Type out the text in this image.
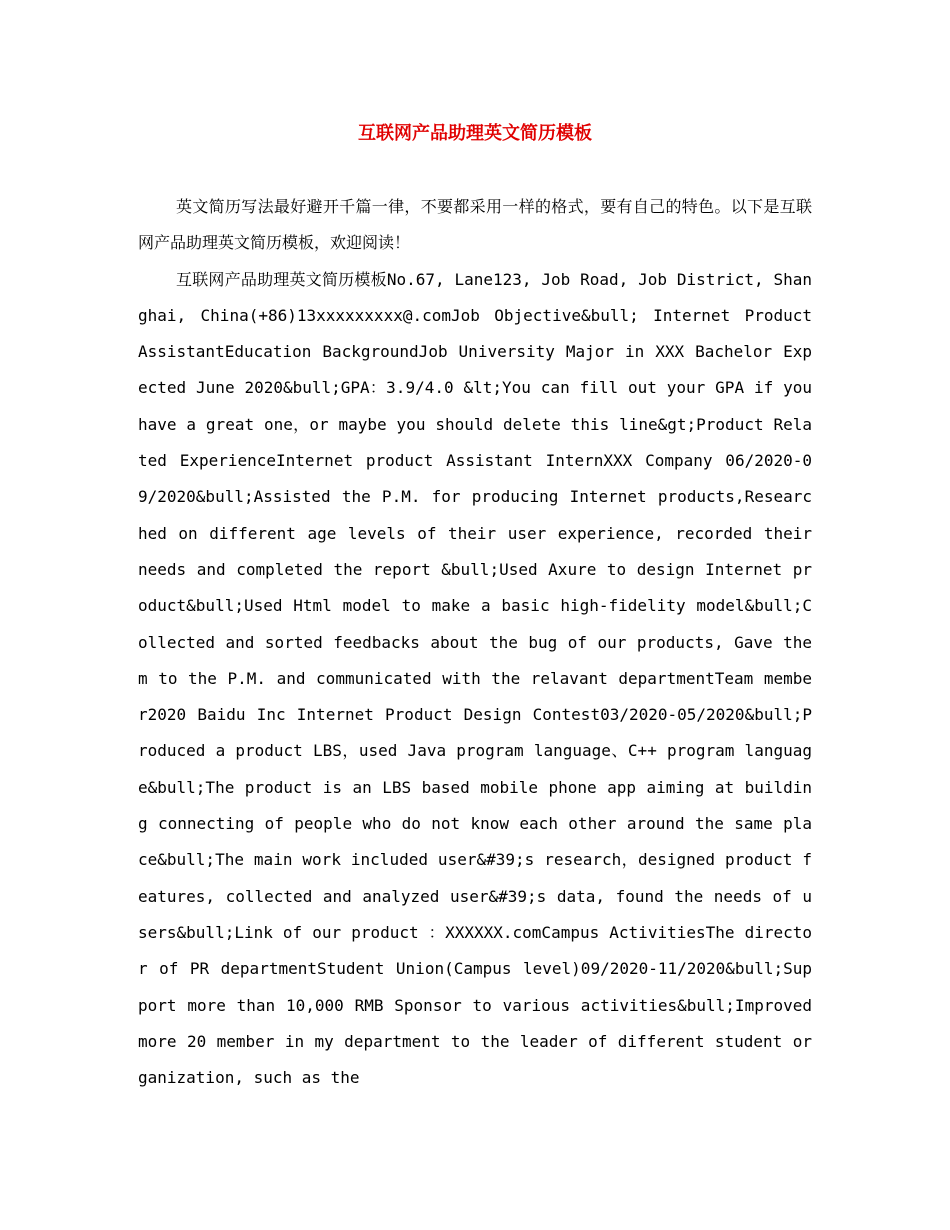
互联网产品助理英文简历模板

英文简历写法最好避开千篇一律，不要都采用一样的格式，要有自己的特色。以下是互联网产品助理英文简历模板，欢迎阅读！

互联网产品助理英文简历模板No.67, Lane123, Job Road, Job District, Shanghai, China(+86)13xxxxxxxxx@.comJob Objective&bull; Internet Product AssistantEducation BackgroundJob University Major in XXX Bachelor Expected June 2020&bull;GPA：3.9/4.0 &lt;You can fill out your GPA if you have a great one，or maybe you should delete this line&gt;Product Related ExperienceInternet product Assistant InternXXX Company 06/2020-09/2020&bull;Assisted the P.M. for producing Internet products,Researched on different age levels of their user experience, recorded their needs and completed the report &bull;Used Axure to design Internet product&bull;Used Html model to make a basic high-fidelity model&bull;Collected and sorted feedbacks about the bug of our products, Gave them to the P.M. and communicated with the relavant departmentTeam member2020 Baidu Inc Internet Product Design Contest03/2020-05/2020&bull;Produced a product LBS，used Java program language、C++ program language&bull;The product is an LBS based mobile phone app aiming at building connecting of people who do not know each other around the same place&bull;The main work included user&#39;s research，designed product features, collected and analyzed user&#39;s data, found the needs of users&bull;Link of our product ：XXXXXX.comCampus ActivitiesThe director of PR departmentStudent Union(Campus level)09/2020-11/2020&bull;Support more than 10,000 RMB Sponsor to various activities&bull;Improved more 20 member in my department to the leader of different student organization, such as the
